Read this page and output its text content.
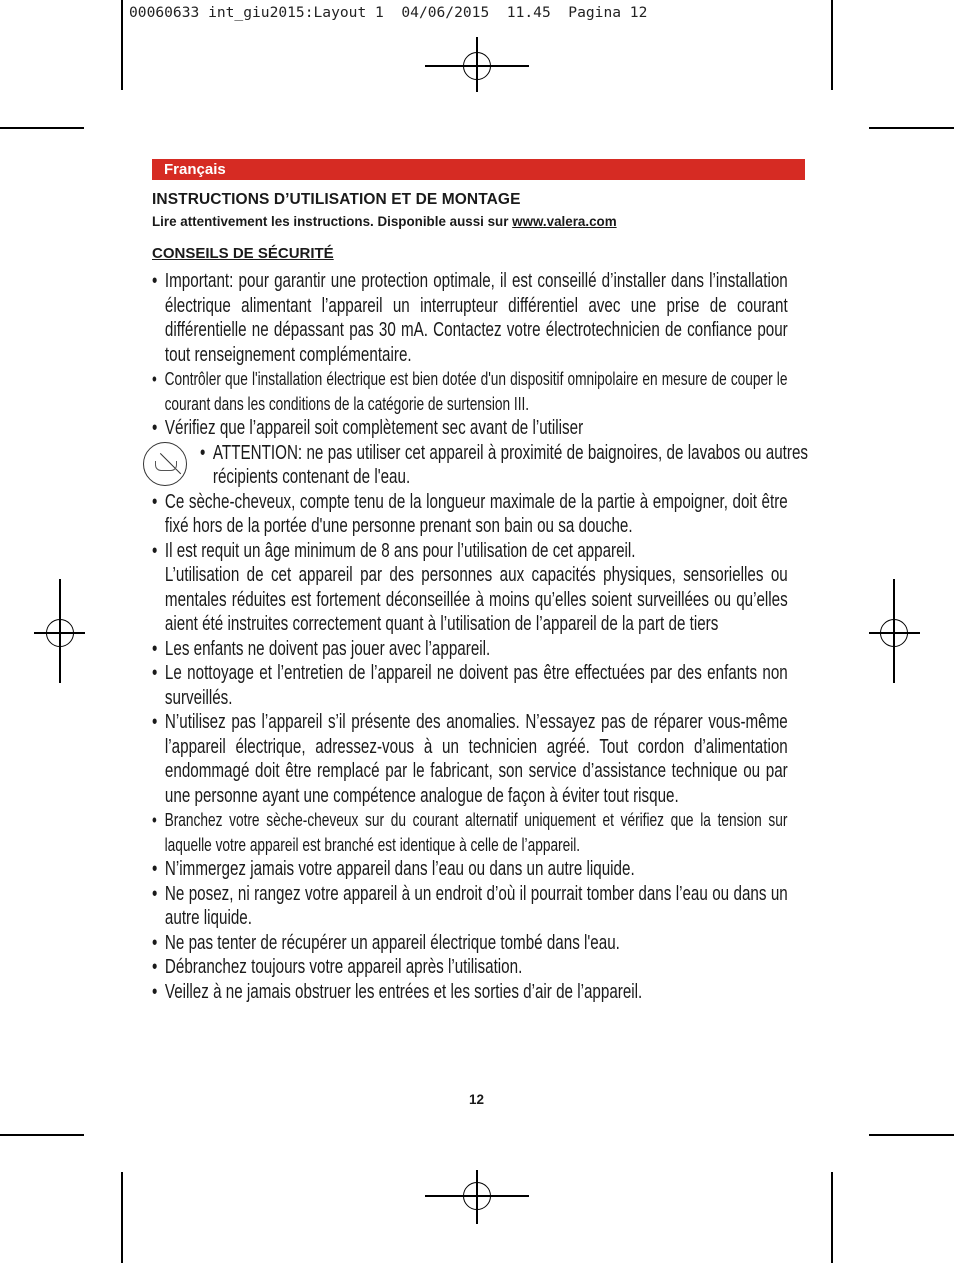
00060633 int_giu2015:Layout 1  04/06/2015  11.45  Pagina 12
Français
INSTRUCTIONS D’UTILISATION ET DE MONTAGE
Lire attentivement les instructions. Disponible aussi sur www.valera.com
CONSEILS DE SÉCURITÉ
• Important: pour garantir une protection optimale, il est conseillé d’installer dans l’installation électrique alimentant l’appareil un interrupteur différentiel avec une prise de courant différentielle ne dépassant pas 30 mA. Contactez votre électrotechnicien de confiance pour tout renseignement complémentaire.
• Contrôler que l'installation électrique est bien dotée d'un dispositif omnipolaire en mesure de couper le courant dans les conditions de la catégorie de surtension III.
• Vérifiez que l’appareil soit complètement sec avant de l’utiliser
• ATTENTION: ne pas utiliser cet appareil à proximité de baignoires, de lavabos ou autres récipients contenant de l'eau.
• Ce sèche-cheveux, compte tenu de la longueur maximale de la partie à empoigner, doit être fixé hors de la portée d'une personne prenant son bain ou sa douche.
• Il est requit un âge minimum de 8 ans pour l’utilisation de cet appareil.
L’utilisation de cet appareil par des personnes aux capacités physiques, sensorielles ou mentales réduites est fortement déconseillée à moins qu’elles soient surveillées ou qu’elles aient été instruites correctement quant à l’utilisation de l’appareil de la part de tiers
• Les enfants ne doivent pas jouer avec l’appareil.
• Le nottoyage et l’entretien de l’appareil ne doivent pas être effectuées par des enfants non surveillés.
• N’utilisez pas l’appareil s’il présente des anomalies. N’essayez pas de réparer vous-même l’appareil électrique, adressez-vous à un technicien agréé. Tout cordon d’alimentation endommagé doit être remplacé par le fabricant, son service d’assistance technique ou par une personne ayant une compétence analogue de façon à éviter tout risque.
• Branchez votre sèche-cheveux sur du courant alternatif uniquement et vérifiez que la tension sur laquelle votre appareil est branché est identique à celle de l’appareil.
• N’immergez jamais votre appareil dans l’eau ou dans un autre liquide.
• Ne posez, ni rangez votre appareil à un endroit d’où il pourrait tomber dans l’eau ou dans un autre liquide.
• Ne pas tenter de récupérer un appareil électrique tombé dans l'eau.
• Débranchez toujours votre appareil après l’utilisation.
• Veillez à ne jamais obstruer les entrées et les sorties d’air de l’appareil.
12
